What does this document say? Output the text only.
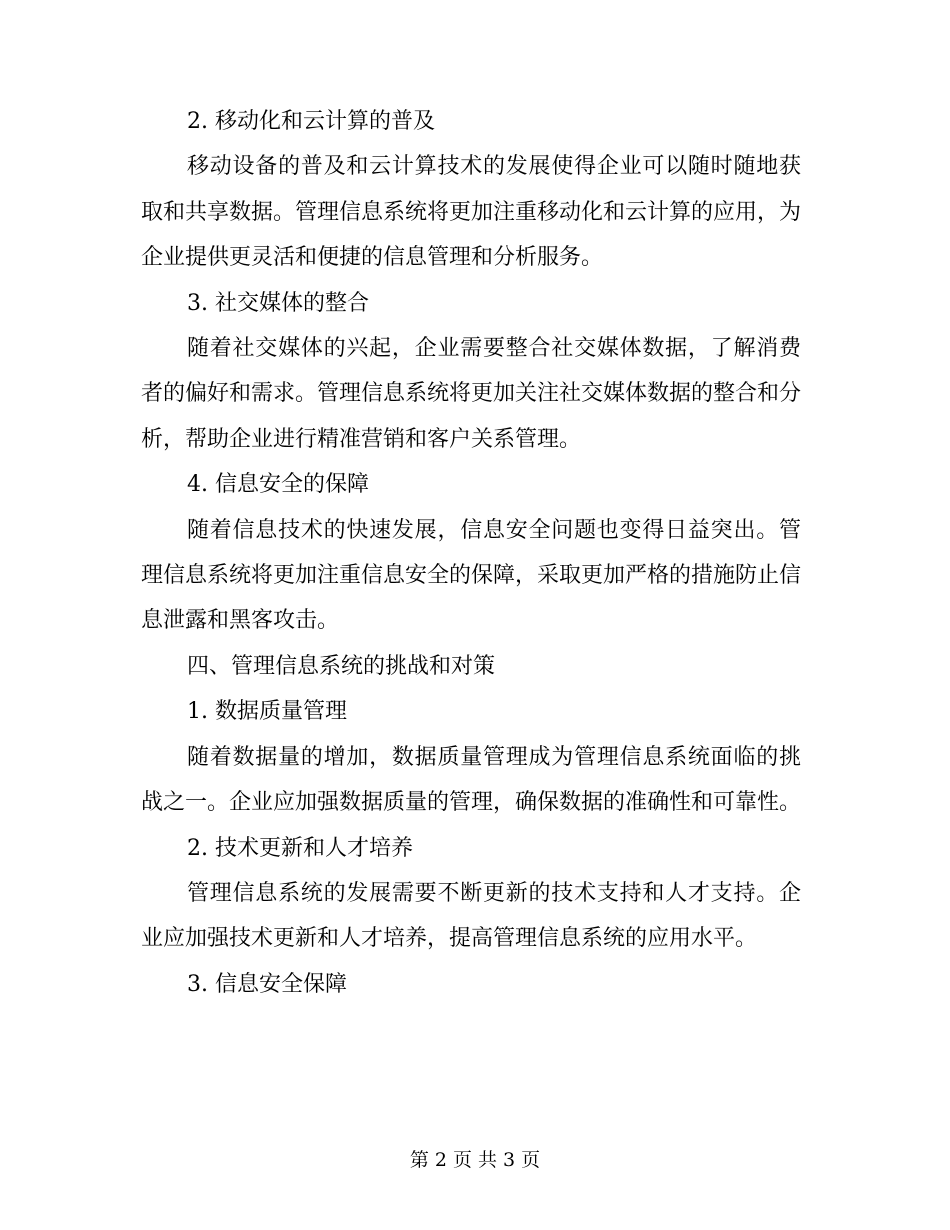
2. 移动化和云计算的普及

移动设备的普及和云计算技术的发展使得企业可以随时随地获取和共享数据。管理信息系统将更加注重移动化和云计算的应用，为企业提供更灵活和便捷的信息管理和分析服务。

3. 社交媒体的整合

随着社交媒体的兴起，企业需要整合社交媒体数据，了解消费者的偏好和需求。管理信息系统将更加关注社交媒体数据的整合和分析，帮助企业进行精准营销和客户关系管理。

4. 信息安全的保障

随着信息技术的快速发展，信息安全问题也变得日益突出。管理信息系统将更加注重信息安全的保障，采取更加严格的措施防止信息泄露和黑客攻击。

四、管理信息系统的挑战和对策

1. 数据质量管理

随着数据量的增加，数据质量管理成为管理信息系统面临的挑战之一。企业应加强数据质量的管理，确保数据的准确性和可靠性。

2. 技术更新和人才培养

管理信息系统的发展需要不断更新的技术支持和人才支持。企业应加强技术更新和人才培养，提高管理信息系统的应用水平。

3. 信息安全保障

第 2 页 共 3 页
